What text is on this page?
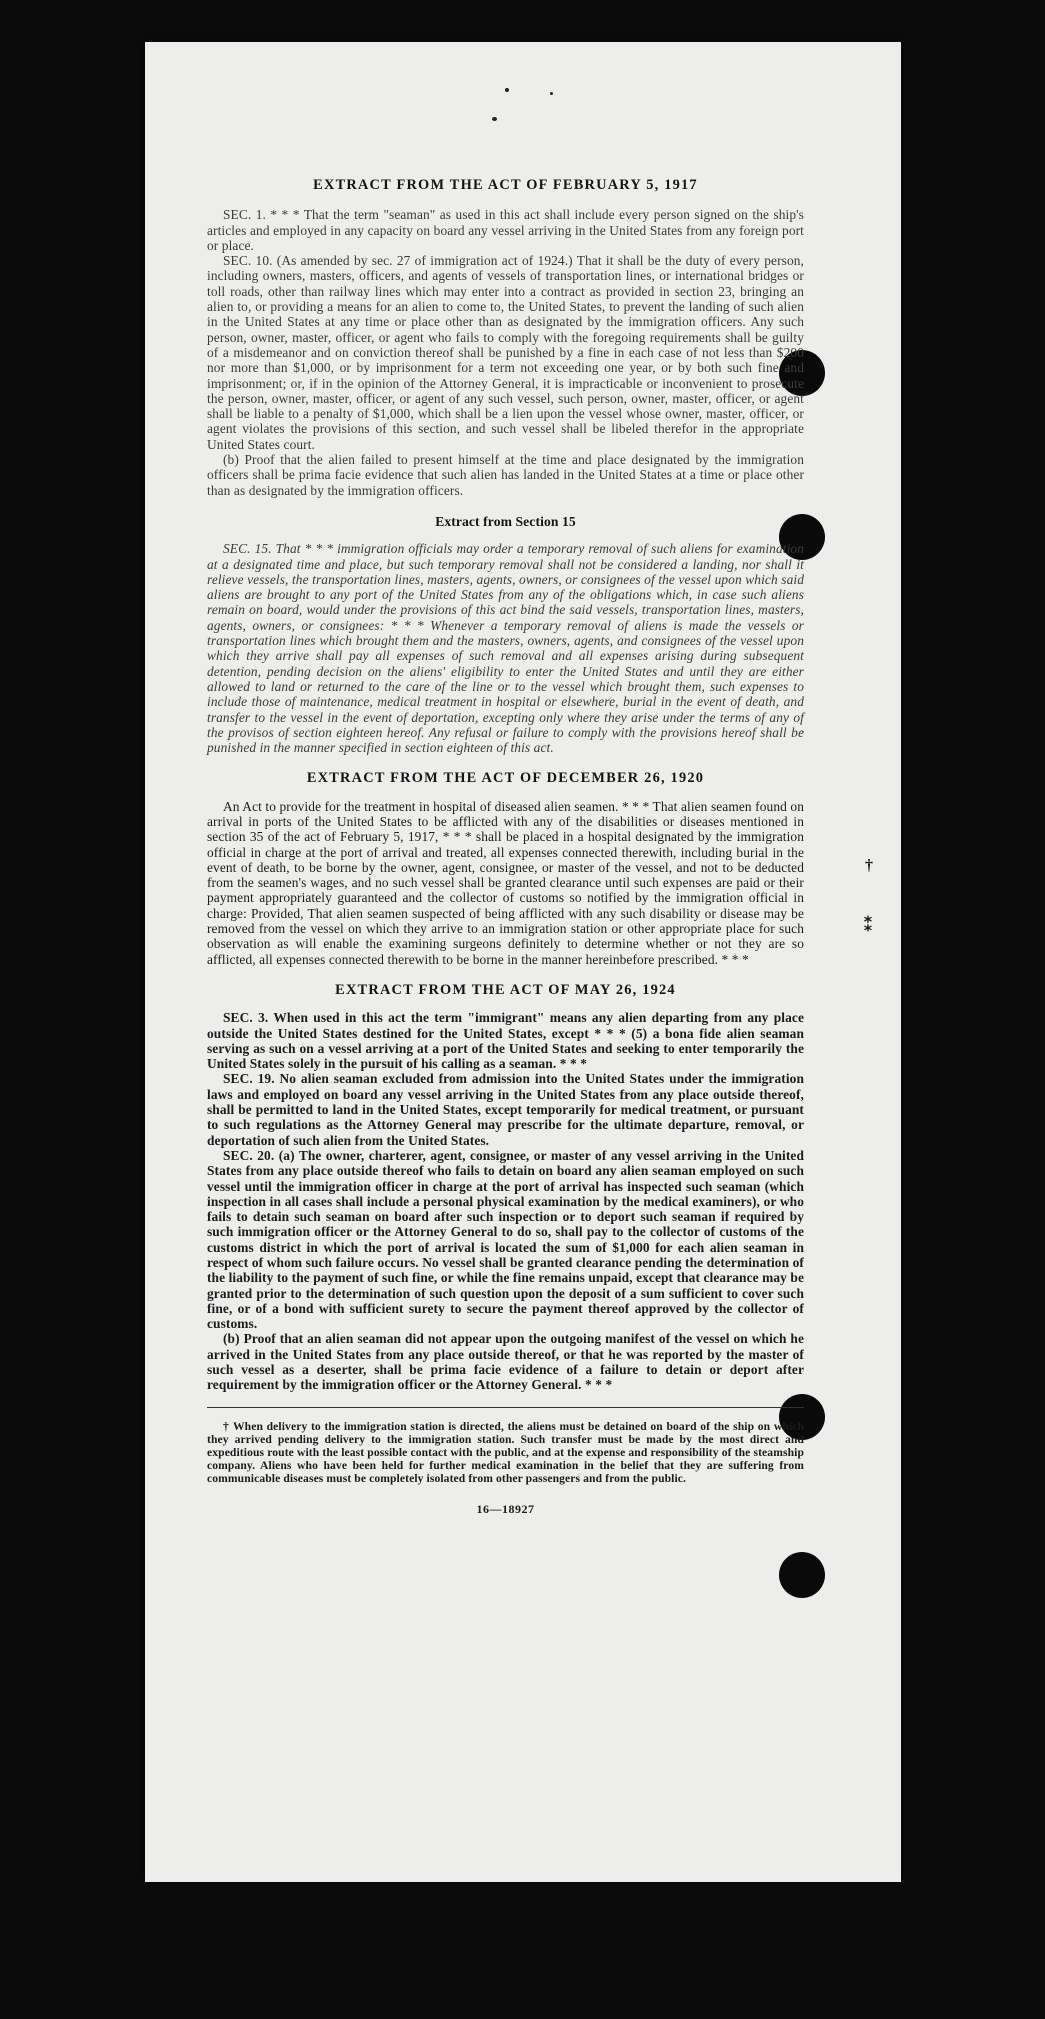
†
⁑
EXTRACT FROM THE ACT OF FEBRUARY 5, 1917

SEC. 1. * * * That the term "seaman" as used in this act shall include every person signed on the ship's articles and employed in any capacity on board any vessel arriving in the United States from any foreign port or place.

SEC. 10. (As amended by sec. 27 of immigration act of 1924.) That it shall be the duty of every person, including owners, masters, officers, and agents of vessels of transportation lines, or international bridges or toll roads, other than railway lines which may enter into a contract as provided in section 23, bringing an alien to, or providing a means for an alien to come to, the United States, to prevent the landing of such alien in the United States at any time or place other than as designated by the immigration officers. Any such person, owner, master, officer, or agent who fails to comply with the foregoing requirements shall be guilty of a misdemeanor and on conviction thereof shall be punished by a fine in each case of not less than $200 nor more than $1,000, or by imprisonment for a term not exceeding one year, or by both such fine and imprisonment; or, if in the opinion of the Attorney General, it is impracticable or inconvenient to prosecute the person, owner, master, officer, or agent of any such vessel, such person, owner, master, officer, or agent shall be liable to a penalty of $1,000, which shall be a lien upon the vessel whose owner, master, officer, or agent violates the provisions of this section, and such vessel shall be libeled therefor in the appropriate United States court.

(b) Proof that the alien failed to present himself at the time and place designated by the immigration officers shall be prima facie evidence that such alien has landed in the United States at a time or place other than as designated by the immigration officers.

Extract from Section 15

SEC. 15. That * * * immigration officials may order a temporary removal of such aliens for examination at a designated time and place, but such temporary removal shall not be considered a landing, nor shall it relieve vessels, the transportation lines, masters, agents, owners, or consignees of the vessel upon which said aliens are brought to any port of the United States from any of the obligations which, in case such aliens remain on board, would under the provisions of this act bind the said vessels, transportation lines, masters, agents, owners, or consignees: * * * Whenever a temporary removal of aliens is made the vessels or transportation lines which brought them and the masters, owners, agents, and consignees of the vessel upon which they arrive shall pay all expenses of such removal and all expenses arising during subsequent detention, pending decision on the aliens' eligibility to enter the United States and until they are either allowed to land or returned to the care of the line or to the vessel which brought them, such expenses to include those of maintenance, medical treatment in hospital or elsewhere, burial in the event of death, and transfer to the vessel in the event of deportation, excepting only where they arise under the terms of any of the provisos of section eighteen hereof. Any refusal or failure to comply with the provisions hereof shall be punished in the manner specified in section eighteen of this act.

EXTRACT FROM THE ACT OF DECEMBER 26, 1920

An Act to provide for the treatment in hospital of diseased alien seamen. * * * That alien seamen found on arrival in ports of the United States to be afflicted with any of the disabilities or diseases mentioned in section 35 of the act of February 5, 1917, * * * shall be placed in a hospital designated by the immigration official in charge at the port of arrival and treated, all expenses connected therewith, including burial in the event of death, to be borne by the owner, agent, consignee, or master of the vessel, and not to be deducted from the seamen's wages, and no such vessel shall be granted clearance until such expenses are paid or their payment appropriately guaranteed and the collector of customs so notified by the immigration official in charge: Provided, That alien seamen suspected of being afflicted with any such disability or disease may be removed from the vessel on which they arrive to an immigration station or other appropriate place for such observation as will enable the examining surgeons definitely to determine whether or not they are so afflicted, all expenses connected therewith to be borne in the manner hereinbefore prescribed. * * *

EXTRACT FROM THE ACT OF MAY 26, 1924

SEC. 3. When used in this act the term "immigrant" means any alien departing from any place outside the United States destined for the United States, except * * * (5) a bona fide alien seaman serving as such on a vessel arriving at a port of the United States and seeking to enter temporarily the United States solely in the pursuit of his calling as a seaman. * * *

SEC. 19. No alien seaman excluded from admission into the United States under the immigration laws and employed on board any vessel arriving in the United States from any place outside thereof, shall be permitted to land in the United States, except temporarily for medical treatment, or pursuant to such regulations as the Attorney General may prescribe for the ultimate departure, removal, or deportation of such alien from the United States.

SEC. 20. (a) The owner, charterer, agent, consignee, or master of any vessel arriving in the United States from any place outside thereof who fails to detain on board any alien seaman employed on such vessel until the immigration officer in charge at the port of arrival has inspected such seaman (which inspection in all cases shall include a personal physical examination by the medical examiners), or who fails to detain such seaman on board after such inspection or to deport such seaman if required by such immigration officer or the Attorney General to do so, shall pay to the collector of customs of the customs district in which the port of arrival is located the sum of $1,000 for each alien seaman in respect of whom such failure occurs. No vessel shall be granted clearance pending the determination of the liability to the payment of such fine, or while the fine remains unpaid, except that clearance may be granted prior to the determination of such question upon the deposit of a sum sufficient to cover such fine, or of a bond with sufficient surety to secure the payment thereof approved by the collector of customs.

(b) Proof that an alien seaman did not appear upon the outgoing manifest of the vessel on which he arrived in the United States from any place outside thereof, or that he was reported by the master of such vessel as a deserter, shall be prima facie evidence of a failure to detain or deport after requirement by the immigration officer or the Attorney General. * * *

† When delivery to the immigration station is directed, the aliens must be detained on board of the ship on which they arrived pending delivery to the immigration station. Such transfer must be made by the most direct and expeditious route with the least possible contact with the public, and at the expense and responsibility of the steamship company. Aliens who have been held for further medical examination in the belief that they are suffering from communicable diseases must be completely isolated from other passengers and from the public.

16—18927
